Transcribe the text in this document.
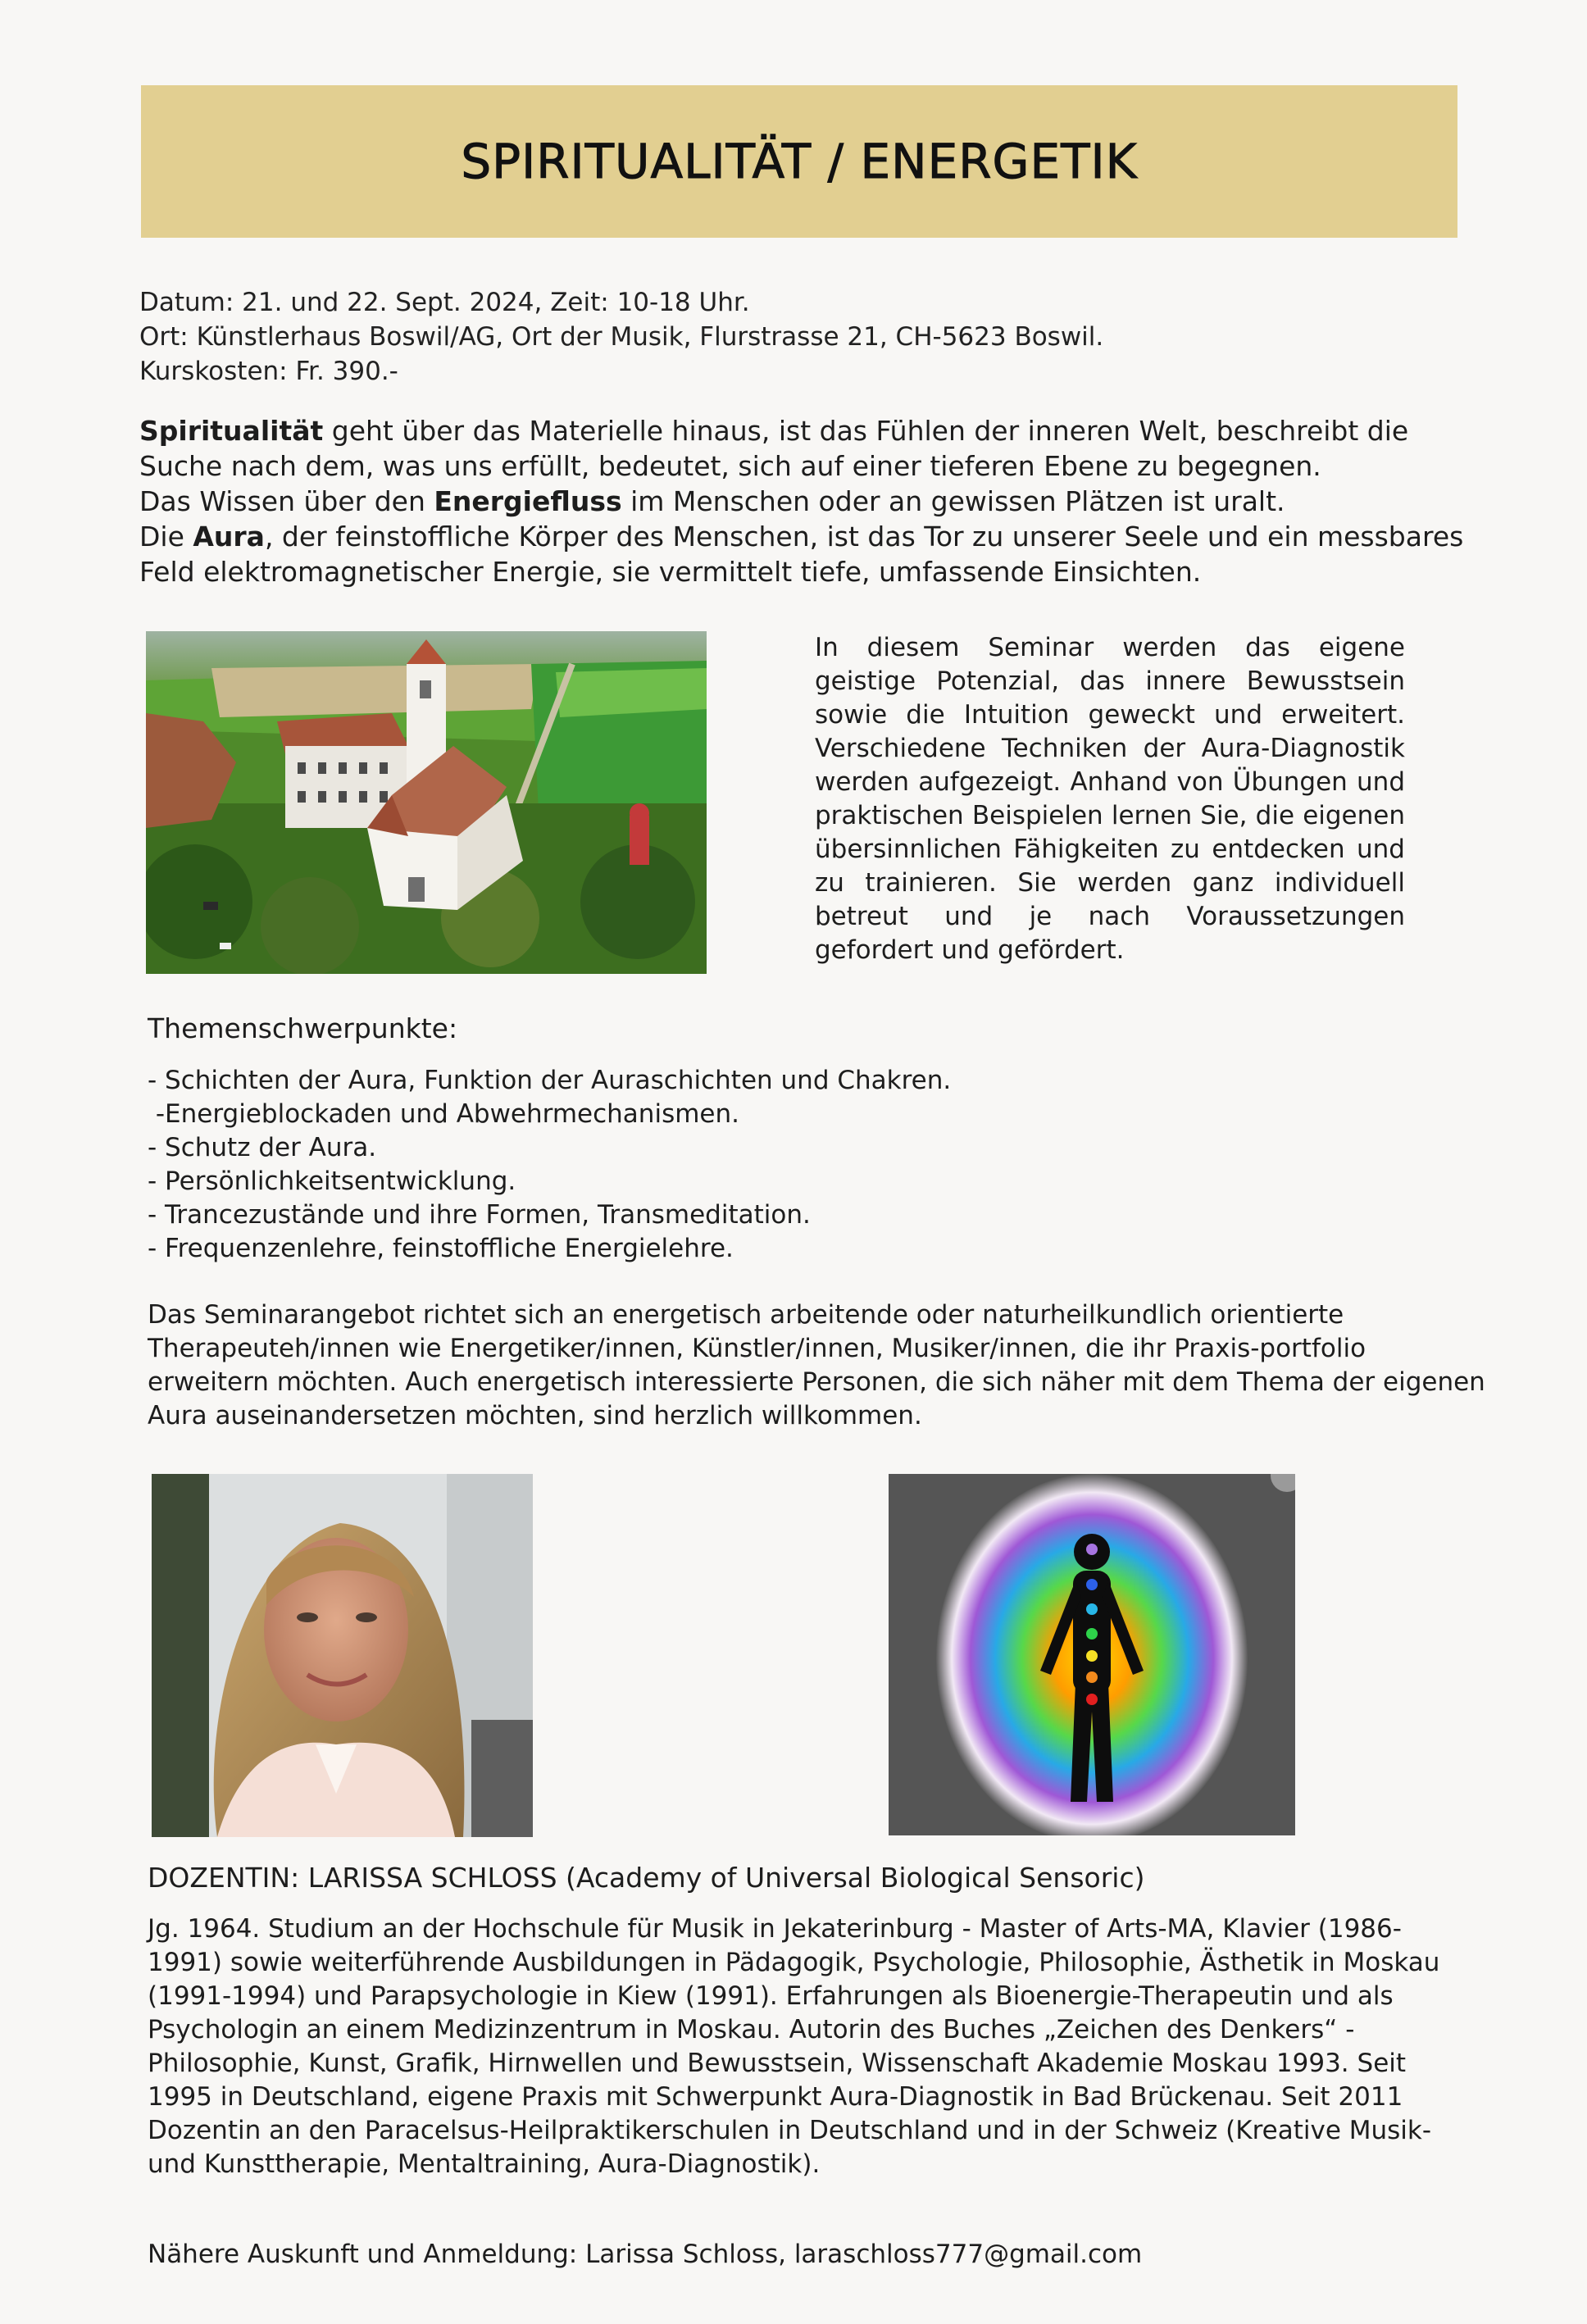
SPIRITUALITÄT / ENERGETIK
Datum: 21. und 22. Sept. 2024, Zeit: 10-18 Uhr.
Ort: Künstlerhaus Boswil/AG, Ort der Musik, Flurstrasse 21, CH-5623 Boswil.
Kurskosten: Fr. 390.-

Spiritualität geht über das Materielle hinaus, ist das Fühlen der inneren Welt, beschreibt die Suche nach dem, was uns erfüllt, bedeutet, sich auf einer tieferen Ebene zu begegnen.

Das Wissen über den Energiefluss im Menschen oder an gewissen Plätzen ist uralt.

Die Aura, der feinstoffliche Körper des Menschen, ist das Tor zu unserer Seele und ein messbares Feld elektromagnetischer Energie, sie vermittelt tiefe, umfassende Einsichten.

In diesem Seminar werden das eigene geistige Potenzial, das innere Bewusstsein sowie die Intuition geweckt und erweitert. Verschiedene Techniken der Aura-Diagnostik werden aufgezeigt. Anhand von Übungen und praktischen Beispielen lernen Sie, die eigenen übersinnlichen Fähigkeiten zu entdecken und zu trainieren. Sie werden ganz individuell betreut und je nach Voraussetzungen gefordert und gefördert.
Themenschwerpunkte:
- Schichten der Aura, Funktion der Auraschichten und Chakren.
-Energieblockaden und Abwehrmechanismen.
- Schutz der Aura.
- Persönlichkeitsentwicklung.
- Trancezustände und ihre Formen, Transmeditation.
- Frequenzenlehre, feinstoffliche Energielehre.
Das Seminarangebot richtet sich an energetisch arbeitende oder naturheilkundlich orientierte Therapeuteh/innen wie Energetiker/innen, Künstler/innen, Musiker/innen, die ihr Praxis-portfolio erweitern möchten. Auch energetisch interessierte Personen, die sich näher mit dem Thema der eigenen Aura auseinandersetzen möchten, sind herzlich willkommen.
DOZENTIN: LARISSA SCHLOSS (Academy of Universal Biological Sensoric)
Jg. 1964. Studium an der Hochschule für Musik in Jekaterinburg - Master of Arts-MA, Klavier (1986-1991) sowie weiterführende Ausbildungen in Pädagogik, Psychologie, Philosophie, Ästhetik in Moskau (1991-1994) und Parapsychologie in Kiew (1991). Erfahrungen als Bioenergie-Therapeutin und als Psychologin an einem Medizinzentrum in Moskau. Autorin des Buches „Zeichen des Denkers“ - Philosophie, Kunst, Grafik, Hirnwellen und Bewusstsein, Wissenschaft Akademie Moskau 1993. Seit 1995 in Deutschland, eigene Praxis mit Schwerpunkt Aura-Diagnostik in Bad Brückenau. Seit 2011 Dozentin an den Paracelsus-Heilpraktikerschulen in Deutschland und in der Schweiz (Kreative Musik- und Kunsttherapie, Mentaltraining, Aura-Diagnostik).
Nähere Auskunft und Anmeldung: Larissa Schloss, laraschloss777@gmail.com
